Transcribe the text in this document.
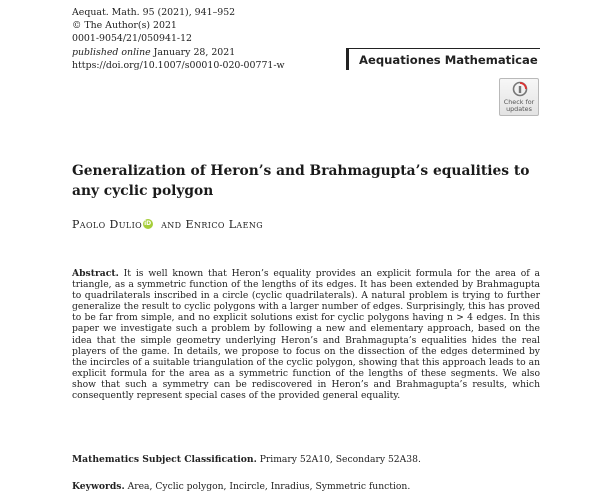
Aequat. Math. 95 (2021), 941–952
© The Author(s) 2021
0001-9054/21/050941-12
published online January 28, 2021
https://doi.org/10.1007/s00010-020-00771-w	Aequationes Mathematicae
Check for
updates
Generalization of Heron’s and Brahmagupta’s equalities to any cyclic polygon
Paolo DulioiD and Enrico Laeng
Abstract. It is well known that Heron’s equality provides an explicit formula for the area of a triangle, as a symmetric function of the lengths of its edges. It has been extended by Brahmagupta to quadrilaterals inscribed in a circle (cyclic quadrilaterals). A natural problem is trying to further generalize the result to cyclic polygons with a larger number of edges. Surprisingly, this has proved to be far from simple, and no explicit solutions exist for cyclic polygons having n > 4 edges. In this paper we investigate such a problem by following a new and elementary approach, based on the idea that the simple geometry underlying Heron’s and Brahmagupta’s equalities hides the real players of the game. In details, we propose to focus on the dissection of the edges determined by the incircles of a suitable triangulation of the cyclic polygon, showing that this approach leads to an explicit formula for the area as a symmetric function of the lengths of these segments. We also show that such a symmetry can be rediscovered in Heron’s and Brahmagupta’s results, which consequently represent special cases of the provided general equality.
Mathematics Subject Classification. Primary 52A10, Secondary 52A38.
Keywords. Area, Cyclic polygon, Incircle, Inradius, Symmetric function.
